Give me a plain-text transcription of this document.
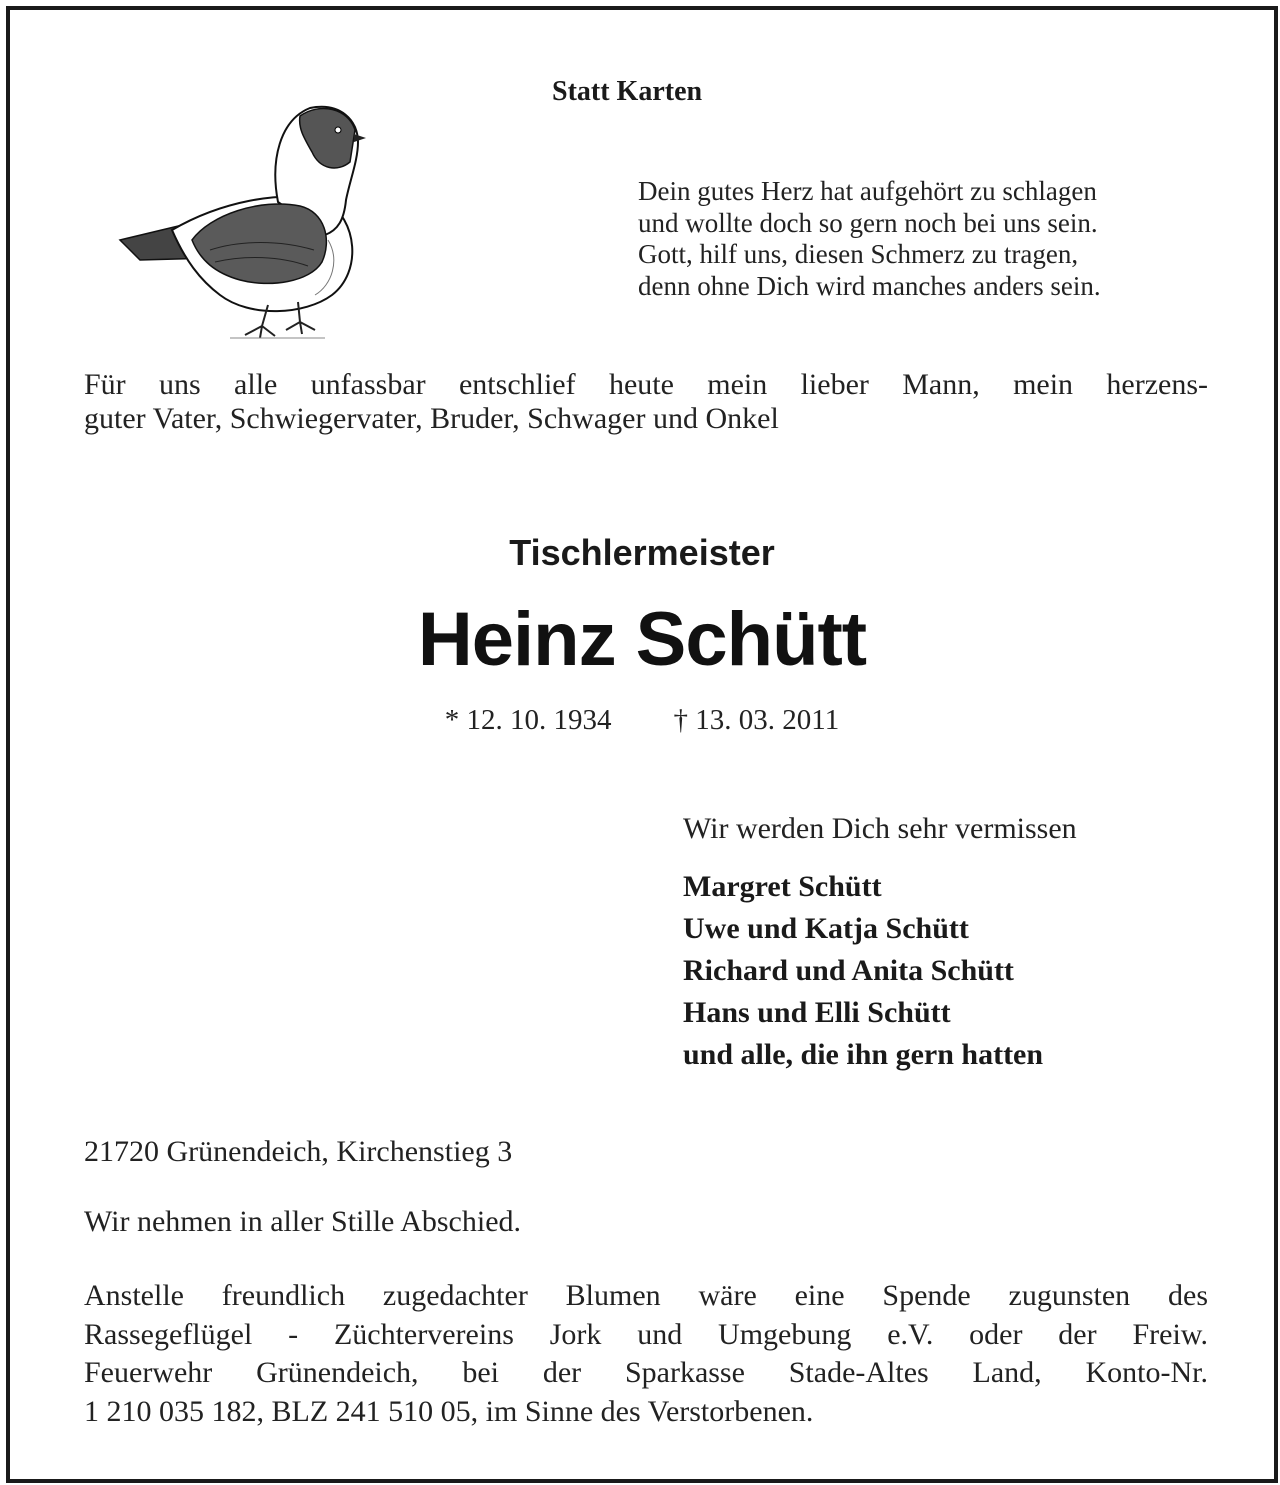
Statt Karten
Dein gutes Herz hat aufgehört zu schlagen
und wollte doch so gern noch bei uns sein.
Gott, hilf uns, diesen Schmerz zu tragen,
denn ohne Dich wird manches anders sein.
Für uns alle unfassbar entschlief heute mein lieber Mann, mein herzens-
guter Vater, Schwiegervater, Bruder, Schwager und Onkel
Tischlermeister
Heinz Schütt
* 12. 10. 1934 † 13. 03. 2011
Wir werden Dich sehr vermissen
Margret Schütt
Uwe und Katja Schütt
Richard und Anita Schütt
Hans und Elli Schütt
und alle, die ihn gern hatten
21720 Grünendeich, Kirchenstieg 3
Wir nehmen in aller Stille Abschied.
Anstelle freundlich zugedachter Blumen wäre eine Spende zugunsten des
Rassegeflügel - Züchtervereins Jork und Umgebung e.V. oder der Freiw.
Feuerwehr Grünendeich, bei der Sparkasse Stade-Altes Land, Konto-Nr.
1 210 035 182, BLZ 241 510 05, im Sinne des Verstorbenen.
